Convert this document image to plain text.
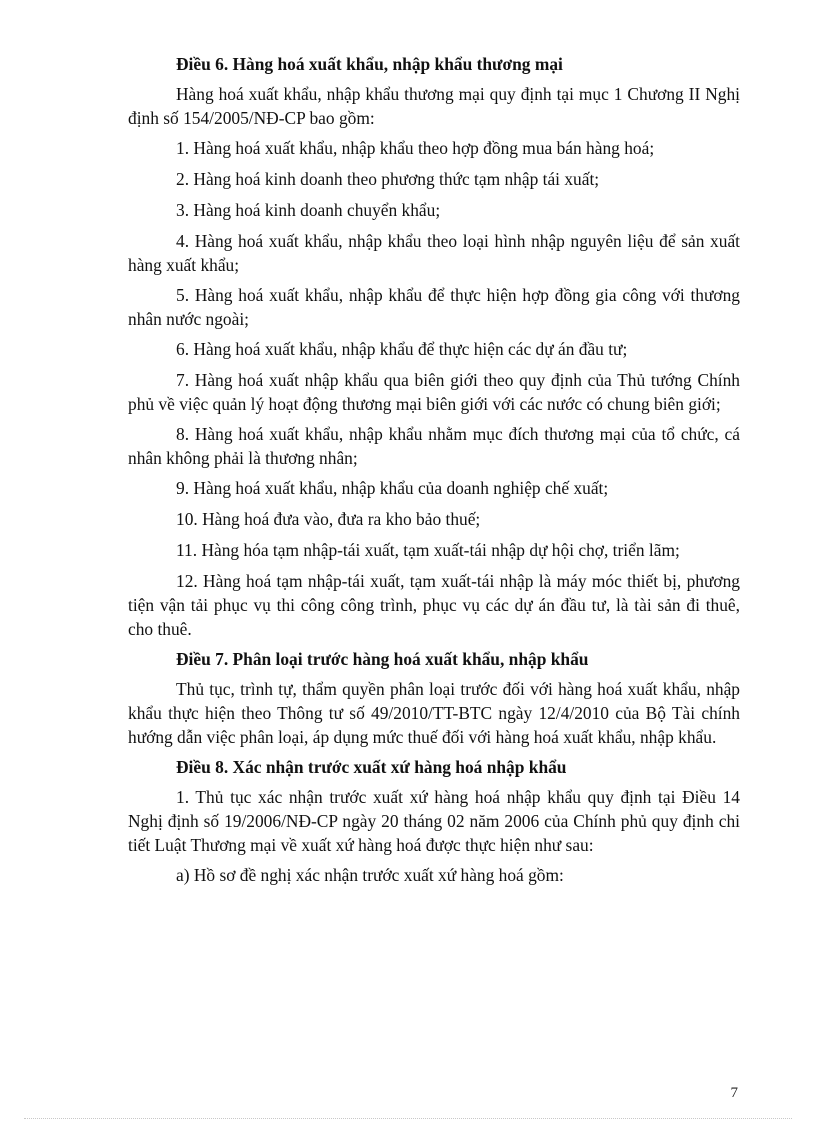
Điều 6. Hàng hoá xuất khẩu, nhập khẩu thương mại

Hàng hoá xuất khẩu, nhập khẩu thương mại quy định tại mục 1 Chương II Nghị định số 154/2005/NĐ-CP bao gồm:

1. Hàng hoá xuất khẩu, nhập khẩu theo hợp đồng mua bán hàng hoá;

2. Hàng hoá kinh doanh theo phương thức tạm nhập tái xuất;

3. Hàng hoá kinh doanh chuyển khẩu;

4. Hàng hoá xuất khẩu, nhập khẩu theo loại hình nhập nguyên liệu để sản xuất hàng xuất khẩu;

5. Hàng hoá xuất khẩu, nhập khẩu để thực hiện hợp đồng gia công với thương nhân nước ngoài;

6. Hàng hoá xuất khẩu, nhập khẩu để thực hiện các dự án đầu tư;

7. Hàng hoá xuất nhập khẩu qua biên giới theo quy định của Thủ tướng Chính phủ về việc quản lý hoạt động thương mại biên giới với các nước có chung biên giới;

8. Hàng hoá xuất khẩu, nhập khẩu nhằm mục đích thương mại của tổ chức, cá nhân không phải là thương nhân;

9. Hàng hoá xuất khẩu, nhập khẩu của doanh nghiệp chế xuất;

10. Hàng hoá đưa vào, đưa ra kho bảo thuế;

11. Hàng hóa tạm nhập-tái xuất, tạm xuất-tái nhập dự hội chợ, triển lãm;

12. Hàng hoá tạm nhập-tái xuất, tạm xuất-tái nhập là máy móc thiết bị, phương tiện vận tải phục vụ thi công công trình, phục vụ các dự án đầu tư, là tài sản đi thuê, cho thuê.

Điều 7. Phân loại trước hàng hoá xuất khẩu, nhập khẩu

Thủ tục, trình tự, thẩm quyền phân loại trước đối với hàng hoá xuất khẩu, nhập khẩu thực hiện theo Thông tư số 49/2010/TT-BTC ngày 12/4/2010 của Bộ Tài chính hướng dẫn việc phân loại, áp dụng mức thuế đối với hàng hoá xuất khẩu, nhập khẩu.

Điều 8. Xác nhận trước xuất xứ hàng hoá nhập khẩu

1. Thủ tục xác nhận trước xuất xứ hàng hoá nhập khẩu quy định tại Điều 14 Nghị định số 19/2006/NĐ-CP ngày 20 tháng 02 năm 2006 của Chính phủ quy định chi tiết Luật Thương mại về xuất xứ hàng hoá được thực hiện như sau:

a) Hồ sơ đề nghị xác nhận trước xuất xứ hàng hoá gồm:

7
